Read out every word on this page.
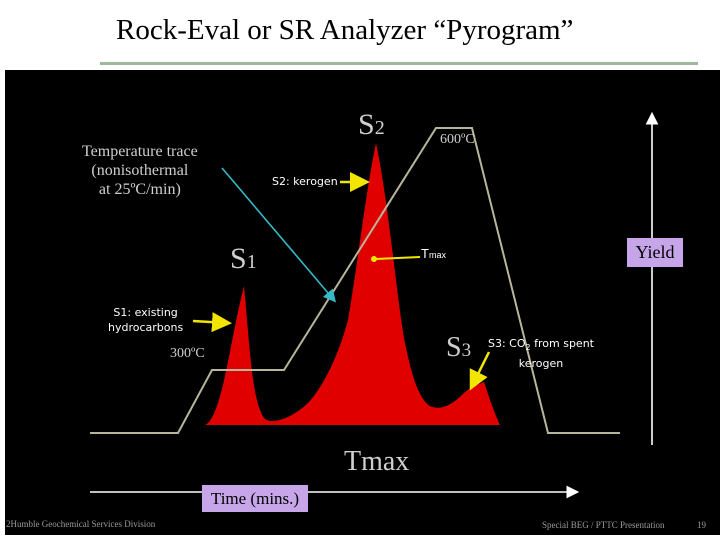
Rock-Eval or SR Analyzer “Pyrogram”
S2
S1
S3
Temperature trace
(nonisothermal
at 25ºC/min)
300ºC
600ºC
S2: kerogen
S1: existing
hydrocarbons
S3: $CO_2$ from spent
kerogen
Tmax
Tmax
Yield
Time (mins.)
2Humble Geochemical Services Division	Special BEG / PTTC Presentation	19
